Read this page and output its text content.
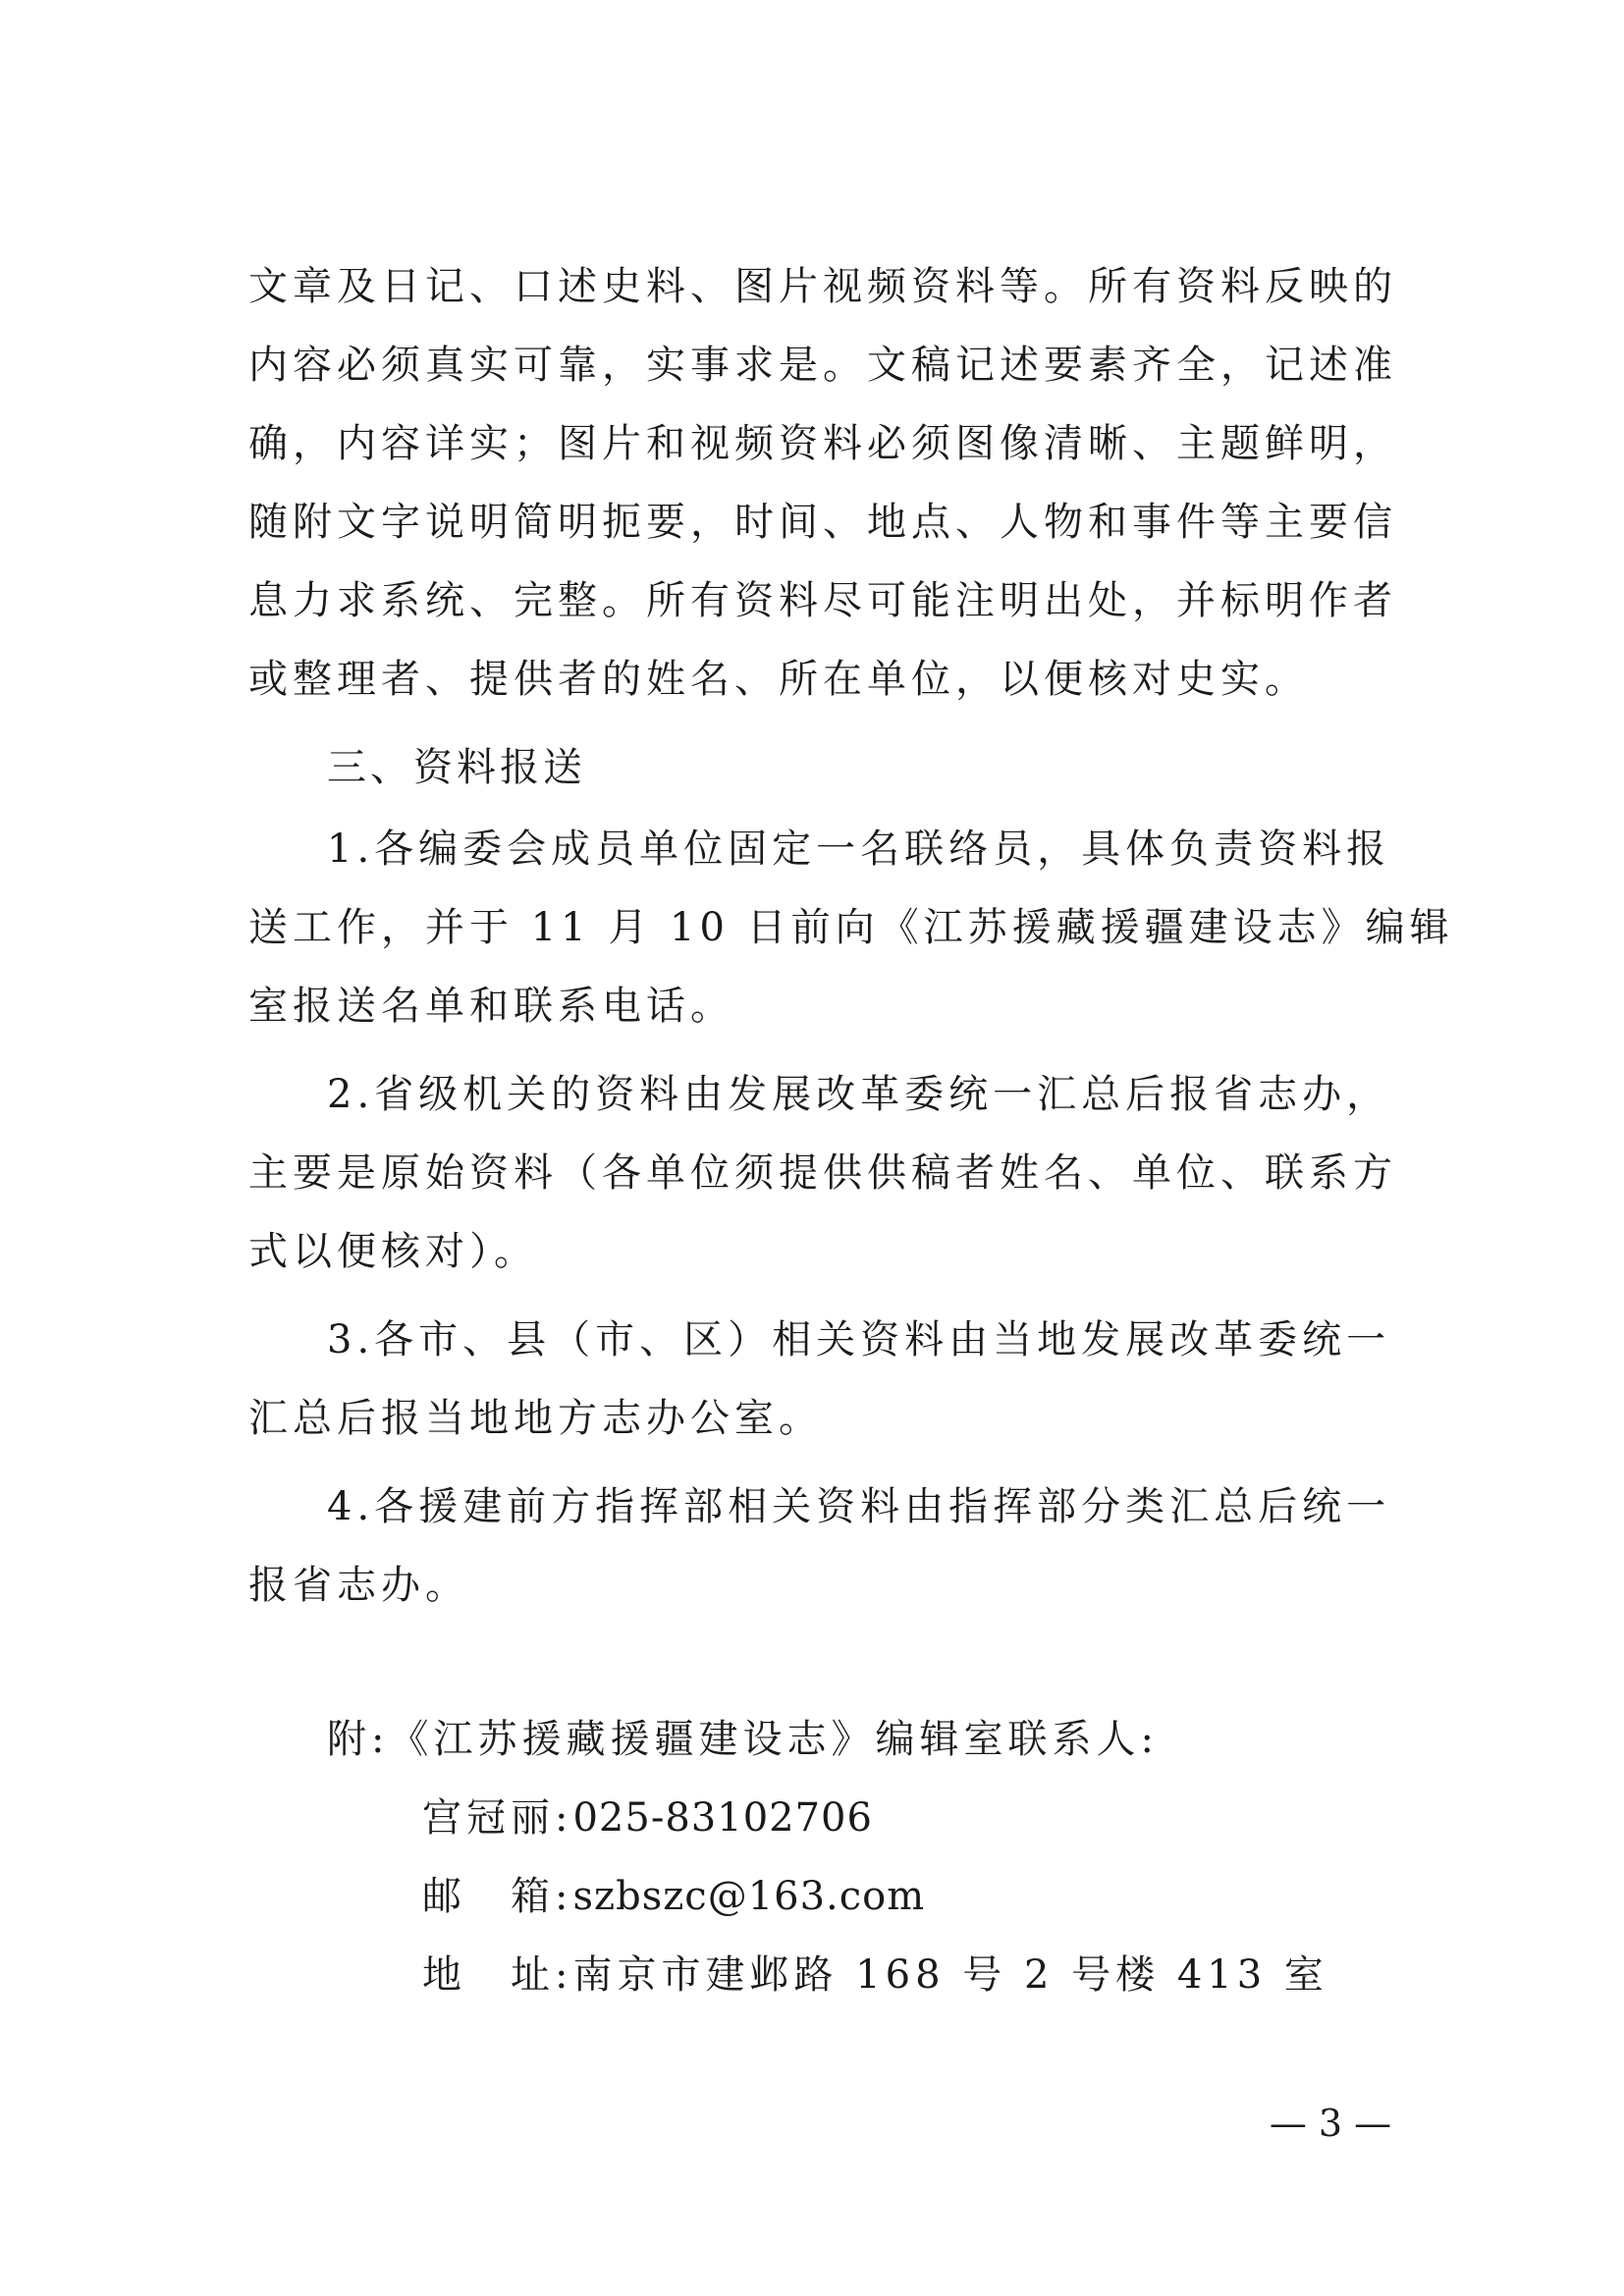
文章及日记、口述史料、图片视频资料等。所有资料反映的
内容必须真实可靠，实事求是。文稿记述要素齐全，记述准
确，内容详实；图片和视频资料必须图像清晰、主题鲜明，
随附文字说明简明扼要，时间、地点、人物和事件等主要信
息力求系统、完整。所有资料尽可能注明出处，并标明作者
或整理者、提供者的姓名、所在单位，以便核对史实。
三、资料报送
1.各编委会成员单位固定一名联络员，具体负责资料报
送工作，并于 11 月 10 日前向《江苏援藏援疆建设志》编辑
室报送名单和联系电话。
2.省级机关的资料由发展改革委统一汇总后报省志办，
主要是原始资料（各单位须提供供稿者姓名、单位、联系方
式以便核对）。
3.各市、县（市、区）相关资料由当地发展改革委统一
汇总后报当地地方志办公室。
4.各援建前方指挥部相关资料由指挥部分类汇总后统一
报省志办。
附:《江苏援藏援疆建设志》编辑室联系人:
宫冠丽:025-83102706
邮　箱:szbszc@163.com
地　址:南京市建邺路 168 号 2 号楼 413 室
— 3 —
